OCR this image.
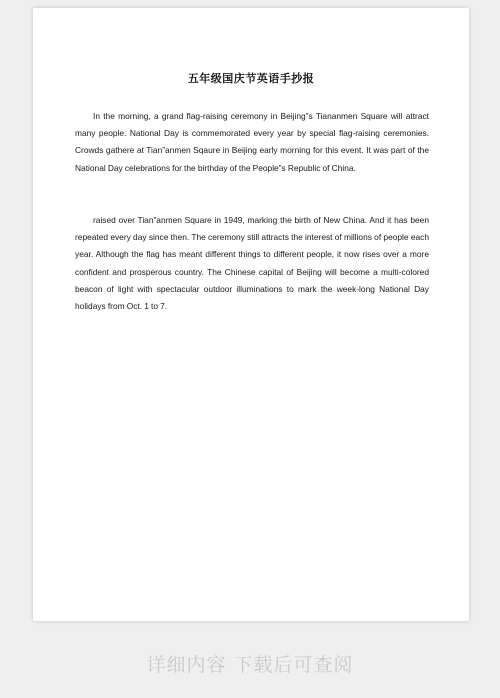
五年级国庆节英语手抄报

In the morning, a grand flag-raising ceremony in Beijing”s Tiananmen Square will attract many people. National Day is commemorated every year by special flag-raising ceremonies. Crowds gathere at Tian”anmen Sqaure in Beijing early morning for this event. It was part of the National Day celebrations for the birthday of the People”s Republic of China.

raised over Tian”anmen Square in 1949, marking the birth of New China. And it has been repeated every day since then. The ceremony still attracts the interest of millions of people each year. Although the flag has meant different things to different people, it now rises over a more confident and prosperous country. The Chinese capital of Beijing will become a multi-colored beacon of light with spectacular outdoor illuminations to mark the week-long National Day holidays from Oct. 1 to 7.

详细内容 下载后可查阅
